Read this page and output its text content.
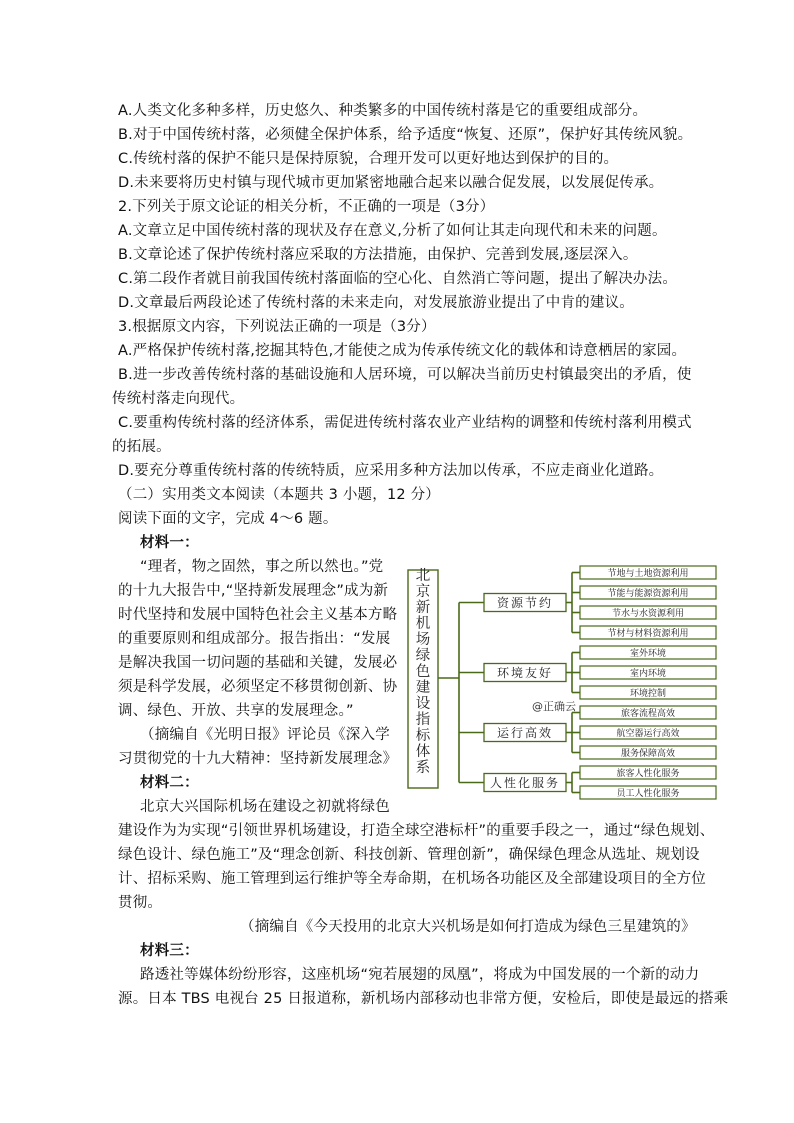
A.人类文化多种多样，历史悠久、种类繁多的中国传统村落是它的重要组成部分。
B.对于中国传统村落，必须健全保护体系，给予适度“恢复、还原”，保护好其传统风貌。
C.传统村落的保护不能只是保持原貌，合理开发可以更好地达到保护的目的。
D.未来要将历史村镇与现代城市更加紧密地融合起来以融合促发展，以发展促传承。
2.下列关于原文论证的相关分析，不正确的一项是（3分）
A.文章立足中国传统村落的现状及存在意义,分析了如何让其走向现代和未来的问题。
B.文章论述了保护传统村落应采取的方法措施，由保护、完善到发展,逐层深入。
C.第二段作者就目前我国传统村落面临的空心化、自然消亡等问题，提出了解决办法。
D.文章最后两段论述了传统村落的未来走向，对发展旅游业提出了中肯的建议。
3.根据原文内容，下列说法正确的一项是（3分）
A.严格保护传统村落,挖掘其特色,才能使之成为传承传统文化的载体和诗意栖居的家园。
B.进一步改善传统村落的基础设施和人居环境，可以解决当前历史村镇最突出的矛盾，使
传统村落走向现代。
C.要重构传统村落的经济体系，需促进传统村落农业产业结构的调整和传统村落利用模式
的拓展。
D.要充分尊重传统村落的传统特质，应采用多种方法加以传承，不应走商业化道路。
（二）实用类文本阅读（本题共 3 小题，12 分）
阅读下面的文字，完成 4～6 题。
材料一：
“理者，物之固然，事之所以然也。”党
的十九大报告中,“坚持新发展理念”成为新
时代坚持和发展中国特色社会主义基本方略
的重要原则和组成部分。报告指出：“发展
是解决我国一切问题的基础和关键，发展必
须是科学发展，必须坚定不移贯彻创新、协
调、绿色、开放、共享的发展理念。”
（摘编自《光明日报》评论员《深入学
习贯彻党的十九大精神：坚持新发展理念》
材料二：
北京大兴国际机场在建设之初就将绿色
建设作为为实现“引领世界机场建设，打造全球空港标杆”的重要手段之一，通过“绿色规划、
绿色设计、绿色施工”及“理念创新、科技创新、管理创新”，确保绿色理念从选址、规划设
计、招标采购、施工管理到运行维护等全寿命期，在机场各功能区及全部建设项目的全方位
贯彻。
（摘编自《今天投用的北京大兴机场是如何打造成为绿色三星建筑的》
材料三：
路透社等媒体纷纷形容，这座机场“宛若展翅的凤凰”，将成为中国发展的一个新的动力
源。日本 TBS 电视台 25 日报道称，新机场内部移动也非常方便，安检后，即使是最远的搭乘
北京新机场绿色建设指标体系
节地与土地资源利用
节能与能源资源利用
节水与水资源利用
节材与材料资源利用
资源节约
室外环境
室内环境
环境控制
环境友好
旅客流程高效
航空器运行高效
服务保障高效
运行高效
旅客人性化服务
员工人性化服务
人性化服务
@正确云
